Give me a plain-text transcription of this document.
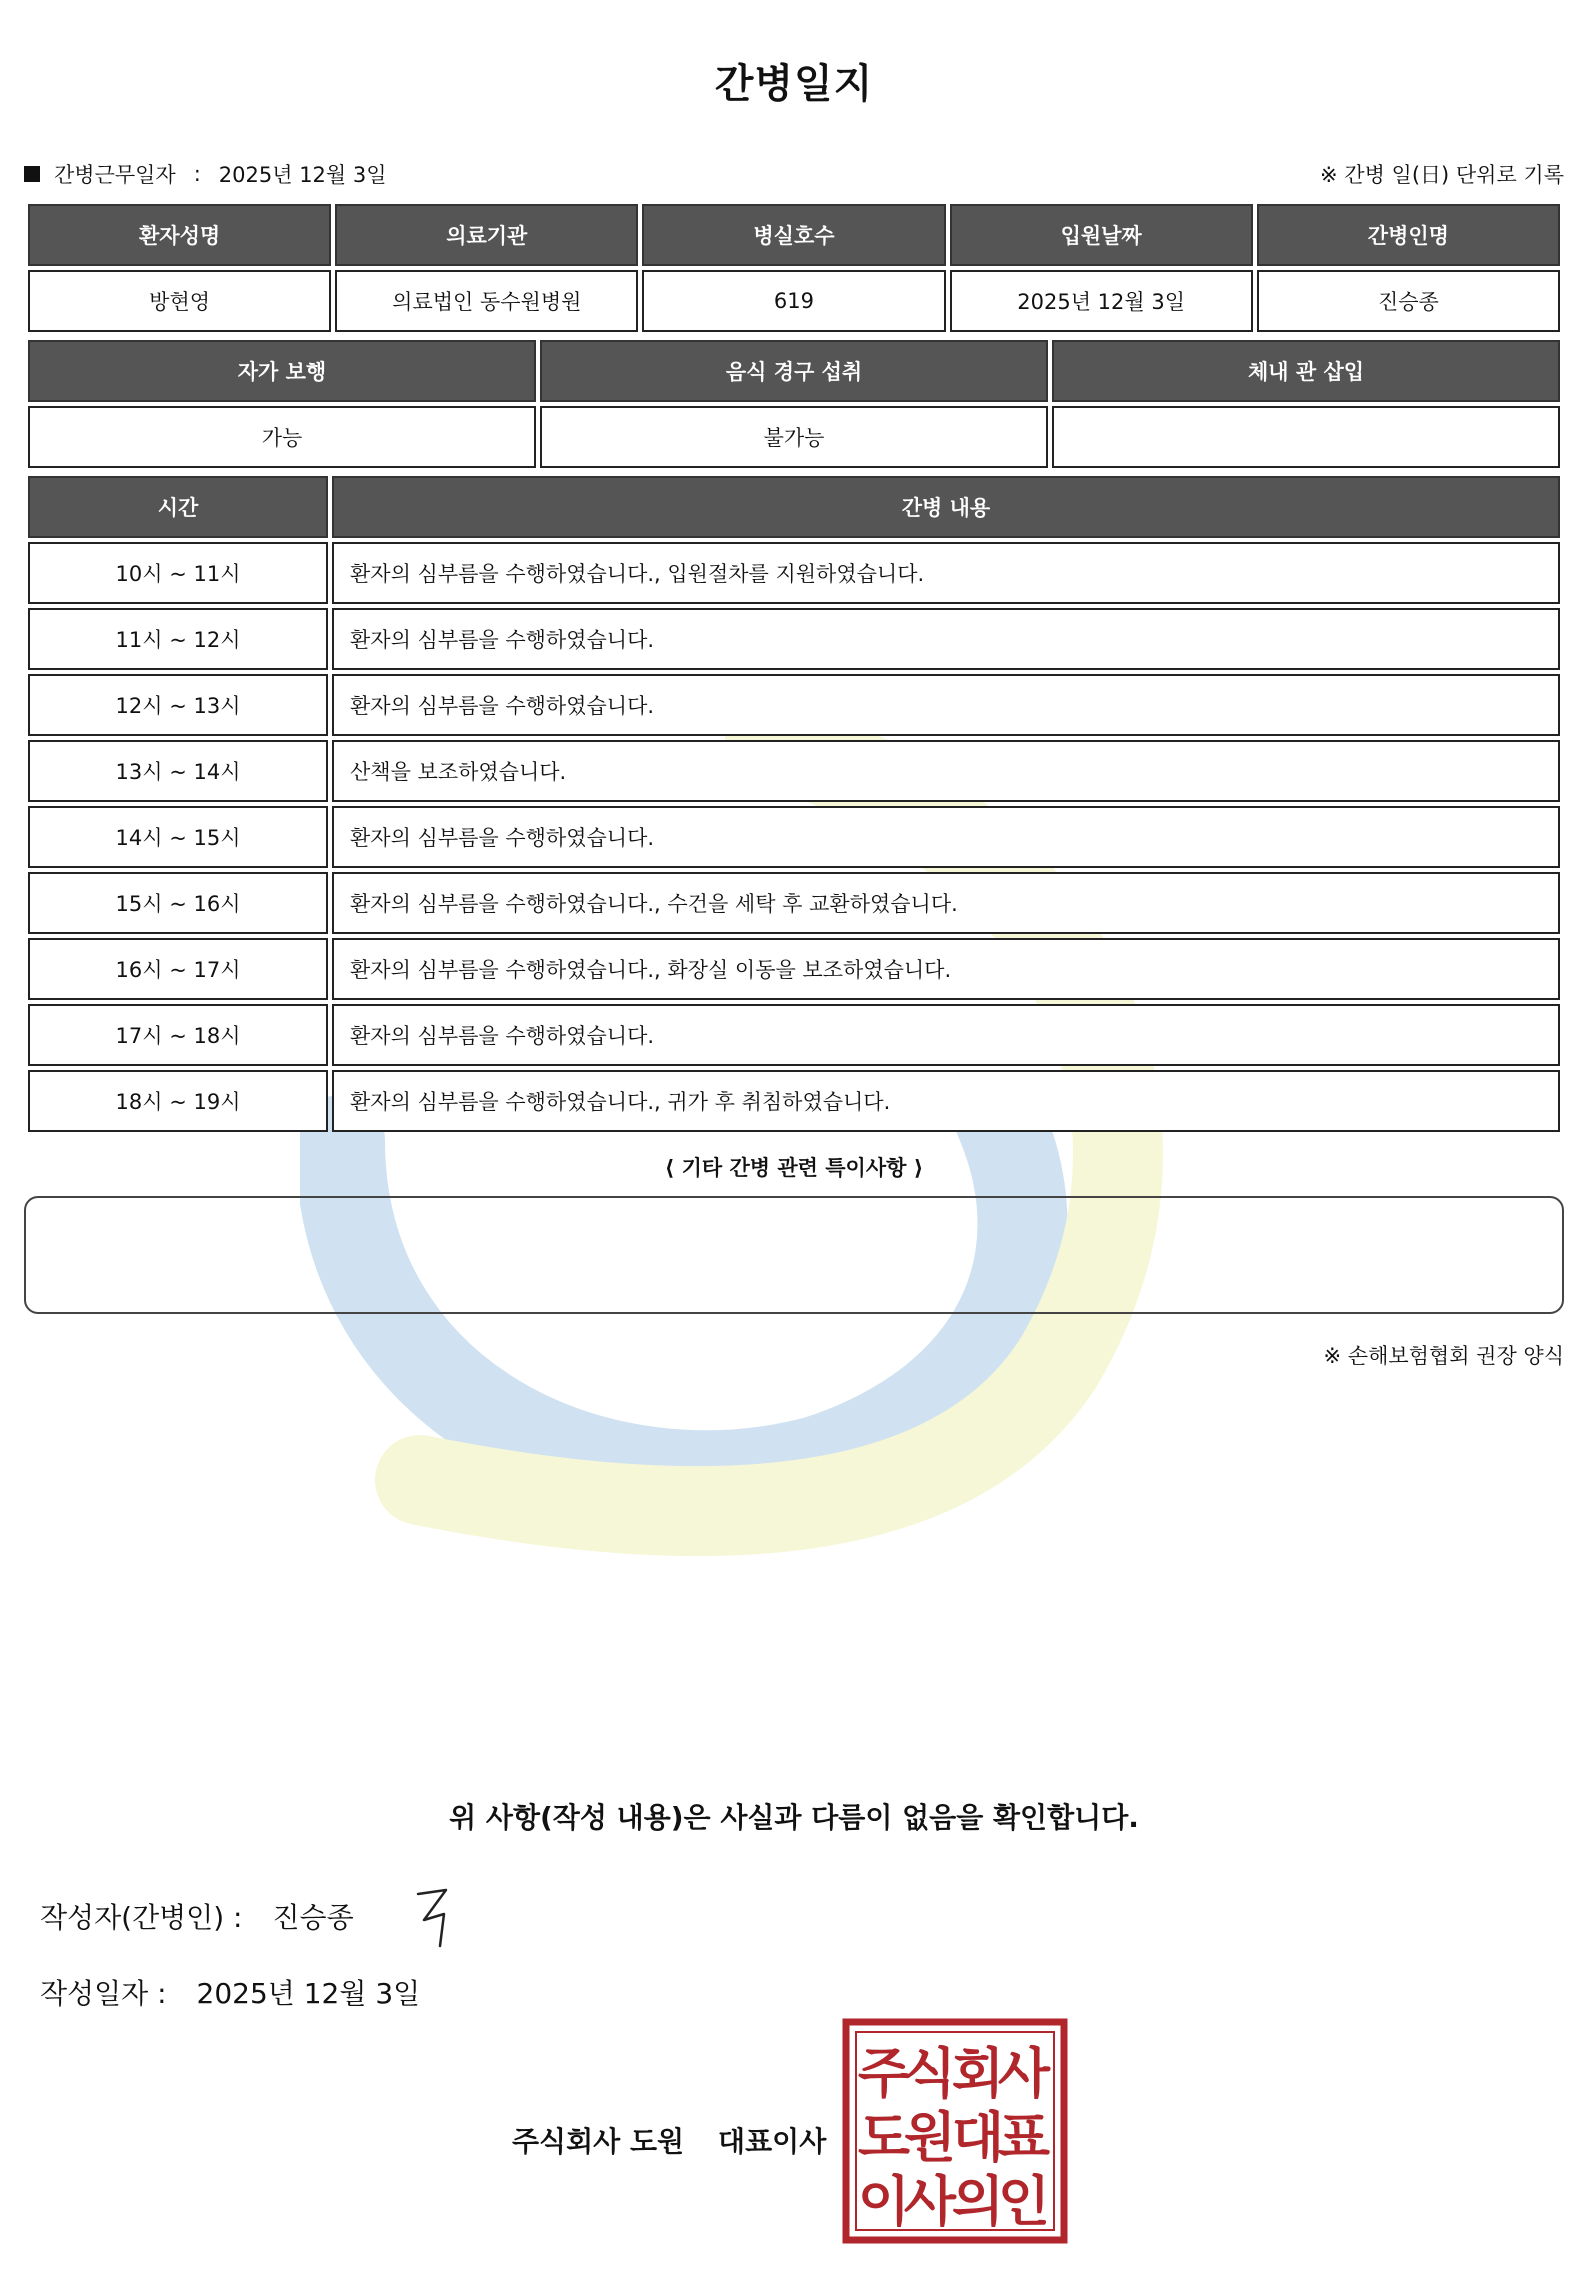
간병일지
간병근무일자 : 2025년 12월 3일	※ 간병 일(日) 단위로 기록
환자성명	의료기관	병실호수	입원날짜	간병인명
방현영	의료법인 동수원병원	619	2025년 12월 3일	진승종
자가 보행	음식 경구 섭취	체내 관 삽입
가능	불가능	
시간	간병 내용
10시 ~ 11시	환자의 심부름을 수행하였습니다., 입원절차를 지원하였습니다.
11시 ~ 12시	환자의 심부름을 수행하였습니다.
12시 ~ 13시	환자의 심부름을 수행하였습니다.
13시 ~ 14시	산책을 보조하였습니다.
14시 ~ 15시	환자의 심부름을 수행하였습니다.
15시 ~ 16시	환자의 심부름을 수행하였습니다., 수건을 세탁 후 교환하였습니다.
16시 ~ 17시	환자의 심부름을 수행하였습니다., 화장실 이동을 보조하였습니다.
17시 ~ 18시	환자의 심부름을 수행하였습니다.
18시 ~ 19시	환자의 심부름을 수행하였습니다., 귀가 후 취침하였습니다.
⟨ 기타 간병 관련 특이사항 ⟩
※ 손해보험협회 권장 양식
위 사항(작성 내용)은 사실과 다름이 없음을 확인합니다.
작성자(간병인) : 진승종
작성일자 : 2025년 12월 3일
주식회사 도원 대표이사
주
식
회
사
도
원
대
표
이
사
의
인
